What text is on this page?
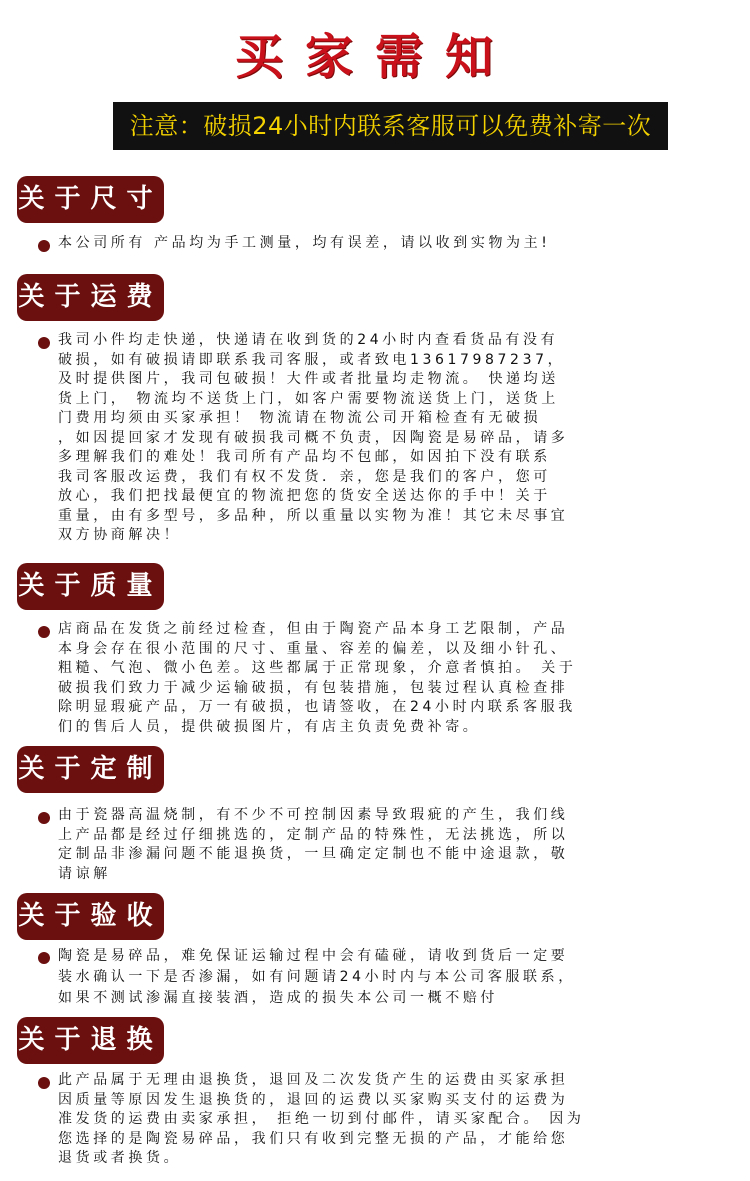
买家需知
注意：破损24小时内联系客服可以免费补寄一次
关于尺寸
本公司所有 产品均为手工测量，均有误差，请以收到实物为主!
关于运费
我司小件均走快递，快递请在收到货的24小时内查看货品有没有
破损，如有破损请即联系我司客服，或者致电13617987237，
及时提供图片，我司包破损！大件或者批量均走物流。 快递均送
货上门， 物流均不送货上门，如客户需要物流送货上门，送货上
门费用均须由买家承担！ 物流请在物流公司开箱检查有无破损
，如因提回家才发现有破损我司概不负责，因陶瓷是易碎品，请多
多理解我们的难处！我司所有产品均不包邮，如因拍下没有联系
我司客服改运费，我们有权不发货．亲，您是我们的客户，您可
放心，我们把找最便宜的物流把您的货安全送达你的手中！关于
重量，由有多型号，多品种，所以重量以实物为准！其它未尽事宜
双方协商解决！
关于质量
店商品在发货之前经过检查，但由于陶瓷产品本身工艺限制，产品
本身会存在很小范围的尺寸、重量、容差的偏差，以及细小针孔、
粗糙、气泡、微小色差。这些都属于正常现象，介意者慎拍。 关于
破损我们致力于减少运输破损，有包装措施，包装过程认真检查排
除明显瑕疵产品，万一有破损，也请签收，在24小时内联系客服我
们的售后人员，提供破损图片，有店主负责免费补寄。
关于定制
由于瓷器高温烧制，有不少不可控制因素导致瑕疵的产生，我们线
上产品都是经过仔细挑选的，定制产品的特殊性，无法挑选，所以
定制品非渗漏问题不能退换货，一旦确定定制也不能中途退款，敬
请谅解
关于验收
陶瓷是易碎品，难免保证运输过程中会有磕碰，请收到货后一定要
装水确认一下是否渗漏，如有问题请24小时内与本公司客服联系，
如果不测试渗漏直接装酒，造成的损失本公司一概不赔付
关于退换
此产品属于无理由退换货，退回及二次发货产生的运费由买家承担
因质量等原因发生退换货的，退回的运费以买家购买支付的运费为
准发货的运费由卖家承担， 拒绝一切到付邮件，请买家配合。 因为
您选择的是陶瓷易碎品，我们只有收到完整无损的产品，才能给您
退货或者换货。
